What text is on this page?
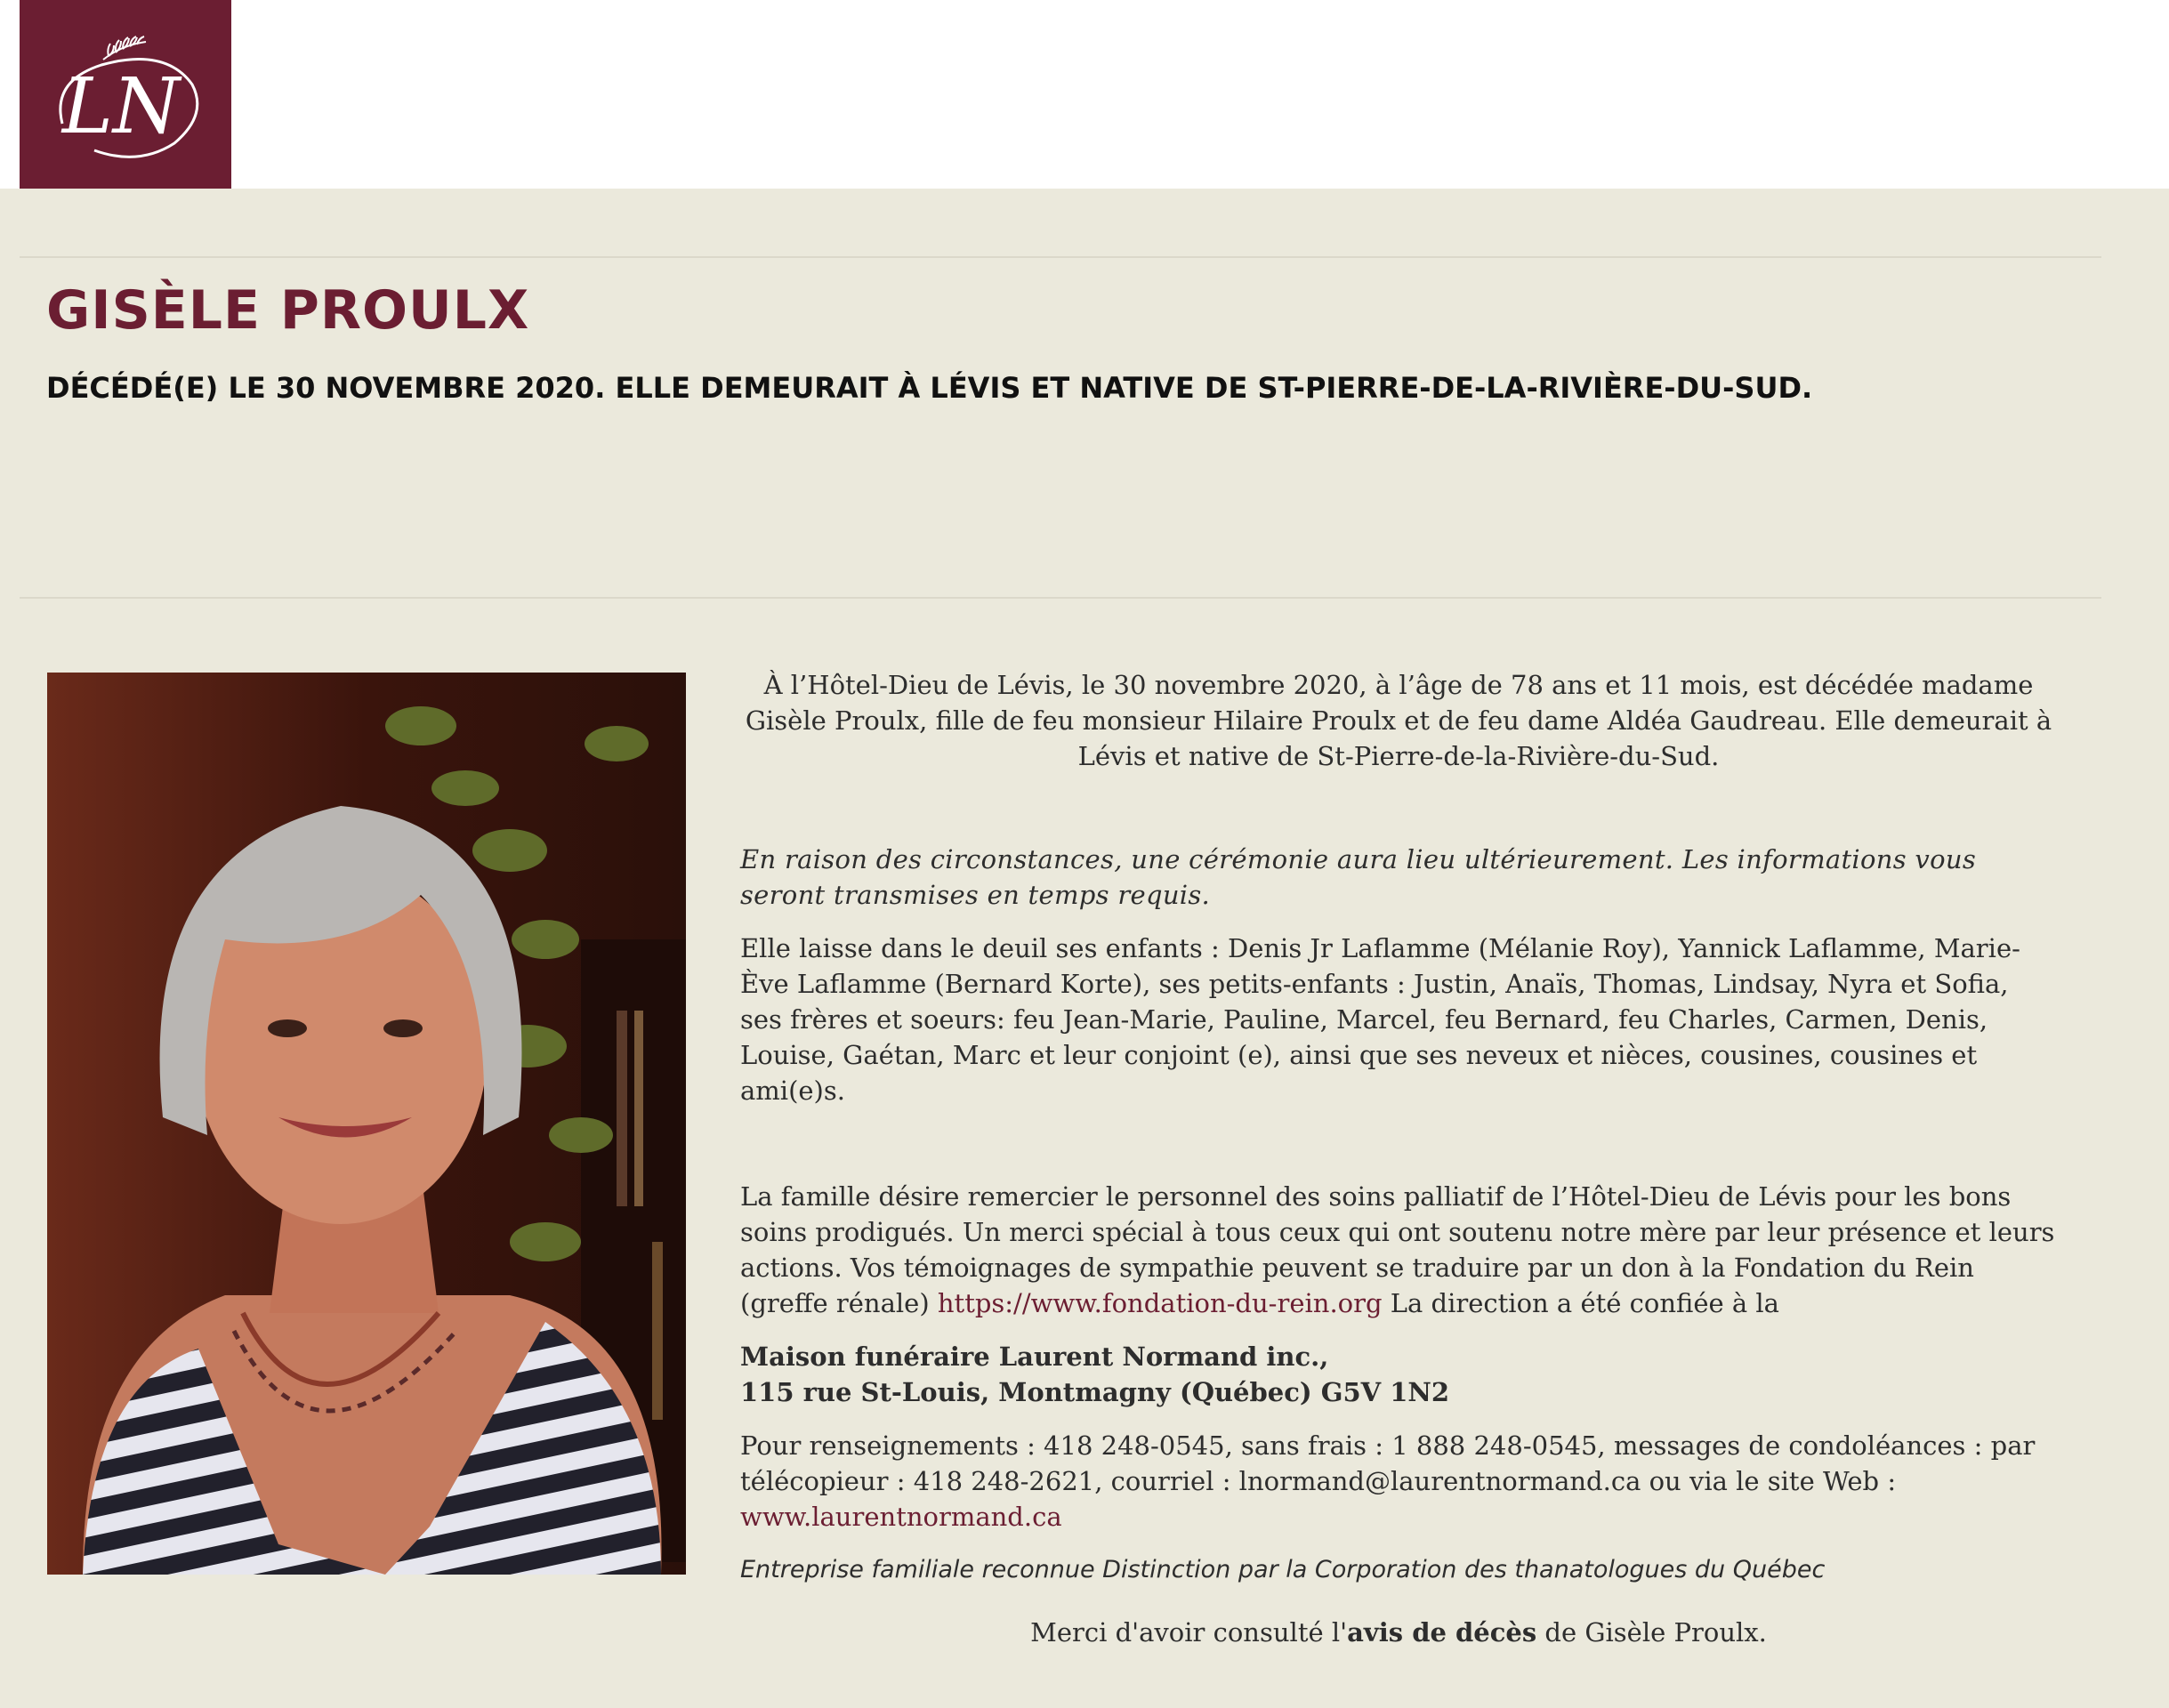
LN
GISÈLE PROULX
DÉCÉDÉ(E) LE 30 NOVEMBRE 2020. ELLE DEMEURAIT À LÉVIS ET NATIVE DE ST-PIERRE-DE-LA-RIVIÈRE-DU-SUD.

À l’Hôtel-Dieu de Lévis, le 30 novembre 2020, à l’âge de 78 ans et 11 mois, est décédée madame Gisèle Proulx, fille de feu monsieur Hilaire Proulx et de feu dame Aldéa Gaudreau. Elle demeurait à Lévis et native de St-Pierre-de-la-Rivière-du-Sud.

En raison des circonstances, une cérémonie aura lieu ultérieurement. Les informations vous seront transmises en temps requis.

Elle laisse dans le deuil ses enfants : Denis Jr Laflamme (Mélanie Roy), Yannick Laflamme, Marie-Ève Laflamme (Bernard Korte), ses petits-enfants : Justin, Anaïs, Thomas, Lindsay, Nyra et Sofia, ses frères et soeurs: feu Jean-Marie, Pauline, Marcel, feu Bernard, feu Charles, Carmen, Denis, Louise, Gaétan, Marc et leur conjoint (e), ainsi que ses neveux et nièces, cousines, cousines et ami(e)s.

La famille désire remercier le personnel des soins palliatif de l’Hôtel-Dieu de Lévis pour les bons soins prodigués. Un merci spécial à tous ceux qui ont soutenu notre mère par leur présence et leurs actions. Vos témoignages de sympathie peuvent se traduire par un don à la Fondation du Rein (greffe rénale) https://www.fondation-du-rein.org La direction a été confiée à la

Maison funéraire Laurent Normand inc.,

115 rue St-Louis, Montmagny (Québec) G5V 1N2

Pour renseignements : 418 248-0545, sans frais : 1 888 248-0545, messages de condoléances : par télécopieur : 418 248-2621, courriel : lnormand@laurentnormand.ca ou via le site Web : www.laurentnormand.ca

Entreprise familiale reconnue Distinction par la Corporation des thanatologues du Québec

Merci d'avoir consulté l'avis de décès de Gisèle Proulx.
